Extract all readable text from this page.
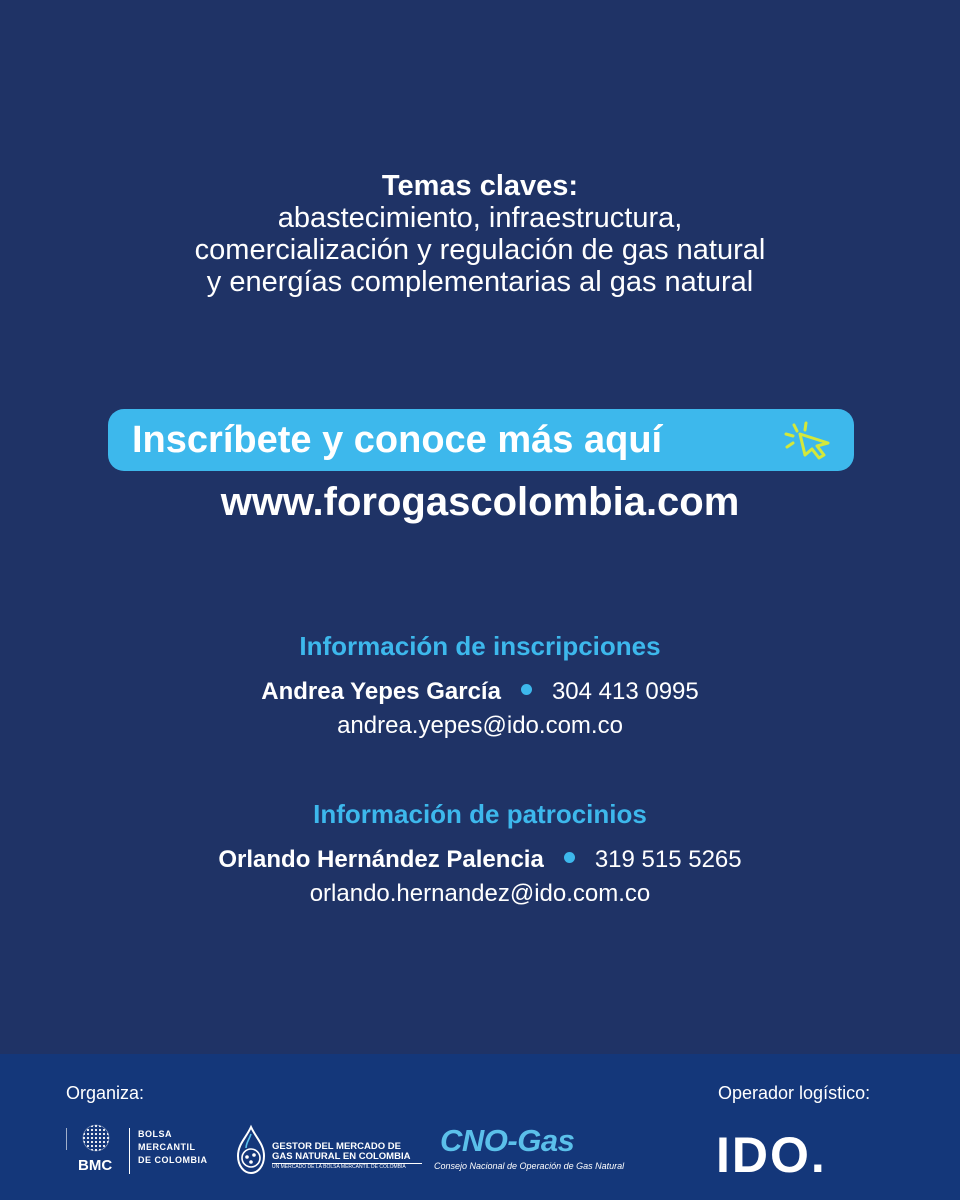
Temas claves:
abastecimiento, infraestructura,
comercialización y regulación de gas natural
y energías complementarias al gas natural
Inscríbete y conoce más aquí
www.forogascolombia.com
Información de inscripciones
Andrea Yepes García 304 413 0995
andrea.yepes@ido.com.co
Información de patrocinios
Orlando Hernández Palencia 319 515 5265
orlando.hernandez@ido.com.co
Organiza:	Operador logístico:
BMC
BOLSA
MERCANTIL
DE COLOMBIA
GESTOR DEL MERCADO DE
GAS NATURAL EN COLOMBIA
UN MERCADO DE LA BOLSA MERCANTIL DE COLOMBIA
CNO-Gas
Consejo Nacional de Operación de Gas Natural IDO.
